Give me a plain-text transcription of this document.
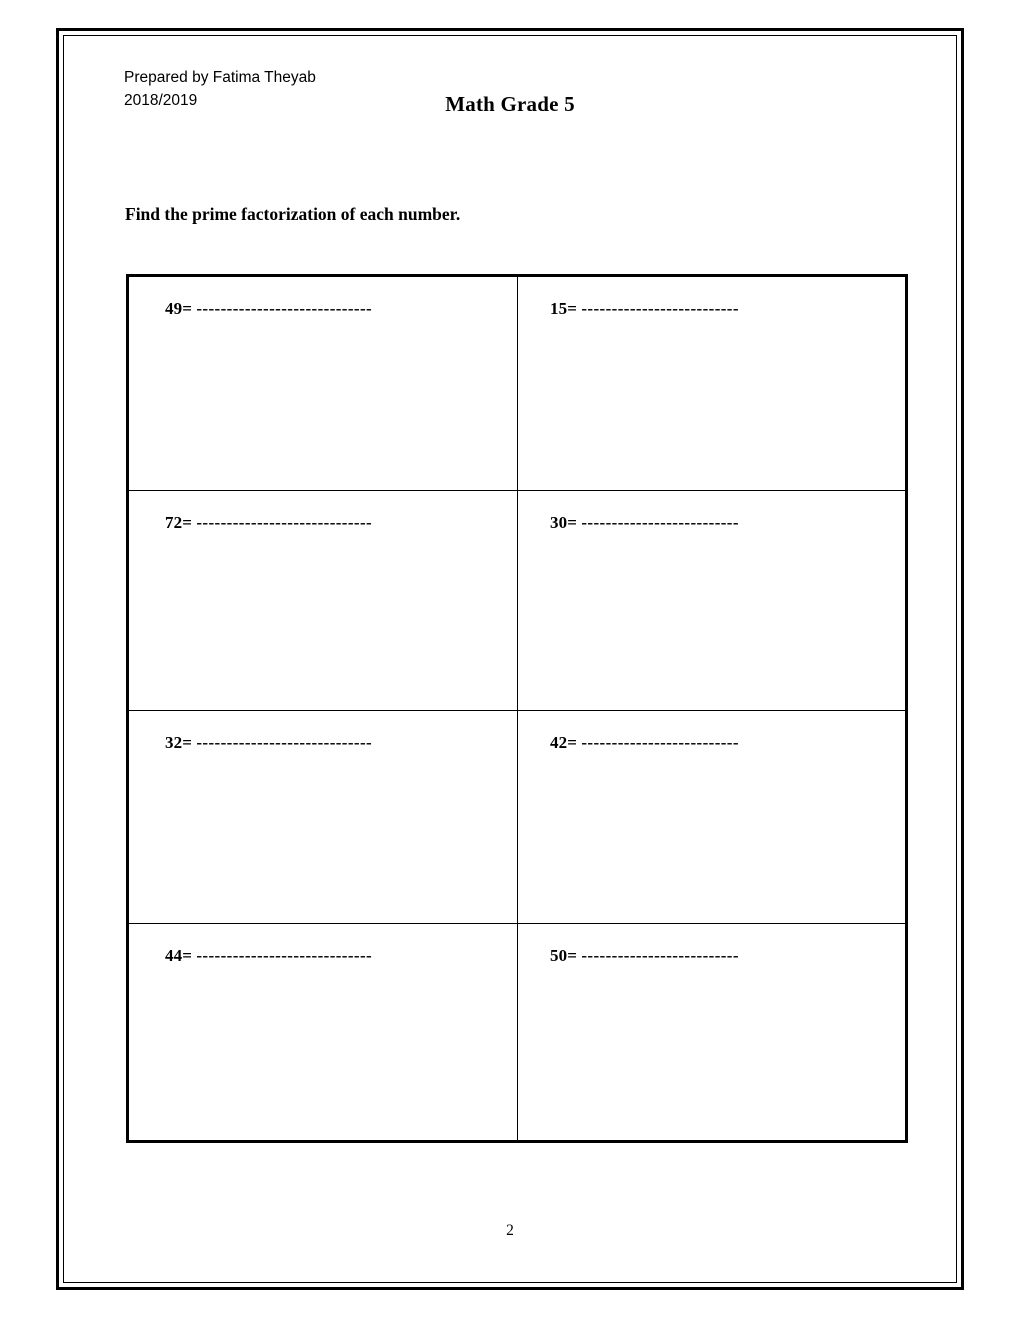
Prepared by Fatima Theyab
2018/2019	Math Grade 5
Find the prime factorization of each number.
49= -----------------------------	15= --------------------------
72= -----------------------------	30= --------------------------
32= -----------------------------	42= --------------------------
44= -----------------------------	50= --------------------------
2
